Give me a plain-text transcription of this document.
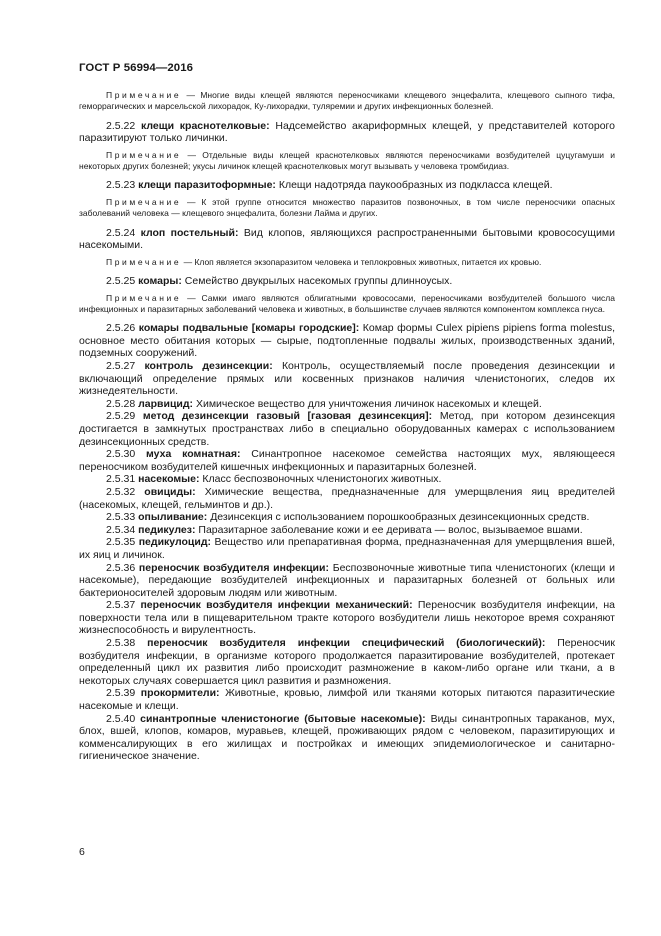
ГОСТ Р 56994—2016

Примечание — Многие виды клещей являются переносчиками клещевого энцефалита, клещевого сыпного тифа, геморрагических и марсельской лихорадок, Ку-лихорадки, туляремии и других инфекционных болезней.

2.5.22 клещи краснотелковые: Надсемейство акарифoрмных клещей, у представителей которого паразитируют только личинки.

Примечание — Отдельные виды клещей краснотелковых являются переносчиками возбудителей цуцугамуши и некоторых других болезней; укусы личинок клещей краснотелковых могут вызывать у человека тромбидиаз.

2.5.23 клещи паразитоформные: Клещи надотряда паукообразных из подкласса клещей.

Примечание — К этой группе относится множество паразитов позвоночных, в том числе переносчики опасных заболеваний человека — клещевого энцефалита, болезни Лайма и других.

2.5.24 клоп постельный: Вид клопов, являющихся распространенными бытовыми кровососущими насекомыми.

Примечание — Клоп является экзопаразитом человека и теплокровных животных, питается их кровью.

2.5.25 комары: Семейство двукрылых насекомых группы длинноусых.

Примечание — Самки имаго являются облигатными кровососами, переносчиками возбудителей большого числа инфекционных и паразитарных заболеваний человека и животных, в большинстве случаев являются компонентом комплекса гнуса.

2.5.26 комары подвальные [комары городские]: Комар формы Culex pipiens pipiens forma molestus, основное место обитания которых — сырые, подтопленные подвалы жилых, производственных зданий, подземных сооружений.

2.5.27 контроль дезинсекции: Контроль, осуществляемый после проведения дезинсекции и включающий определение прямых или косвенных признаков наличия членистоногих, следов их жизнедеятельности.

2.5.28 ларвицид: Химическое вещество для уничтожения личинок насекомых и клещей.

2.5.29 метод дезинсекции газовый [газовая дезинсекция]: Метод, при котором дезинсекция достигается в замкнутых пространствах либо в специально оборудованных камерах с использованием дезинсекционных средств.

2.5.30 муха комнатная: Синантропное насекомое семейства настоящих мух, являющееся переносчиком возбудителей кишечных инфекционных и паразитарных болезней.

2.5.31 насекомые: Класс беспозвоночных членистоногих животных.

2.5.32 овициды: Химические вещества, предназначенные для умерщвления яиц вредителей (насекомых, клещей, гельминтов и др.).

2.5.33 опыливание: Дезинсекция с использованием порошкообразных дезинсекционных средств.

2.5.34 педикулез: Паразитарное заболевание кожи и ее дериватa — волос, вызываемое вшами.

2.5.35 педикулоцид: Вещество или препаративная форма, предназначенная для умерщвления вшей, их яиц и личинок.

2.5.36 переносчик возбудителя инфекции: Беспозвоночные животные типа членистоногих (клещи и насекомые), передающие возбудителей инфекционных и паразитарных болезней от больных или бактерионосителей здоровым людям или животным.

2.5.37 переносчик возбудителя инфекции механический: Переносчик возбудителя инфекции, на поверхности тела или в пищеварительном тракте которого возбудители лишь некоторое время сохраняют жизнеспособность и вирулентность.

2.5.38 переносчик возбудителя инфекции специфический (биологический): Переносчик возбудителя инфекции, в организме которого продолжается паразитирование возбудителей, протекает определенный цикл их развития либо происходит размножение в каком-либо органе или ткани, а в некоторых случаях совершается цикл развития и размножения.

2.5.39 прокормители: Животные, кровью, лимфой или тканями которых питаются паразитические насекомые и клещи.

2.5.40 синантропные членистоногие (бытовые насекомые): Виды синантропных тараканов, мух, блох, вшей, клопов, комаров, муравьев, клещей, проживающих рядом с человеком, паразитирующих и комменсалирующих в его жилищах и постройках и имеющих эпидемиологическое и санитарно-гигиеническое значение.

6
